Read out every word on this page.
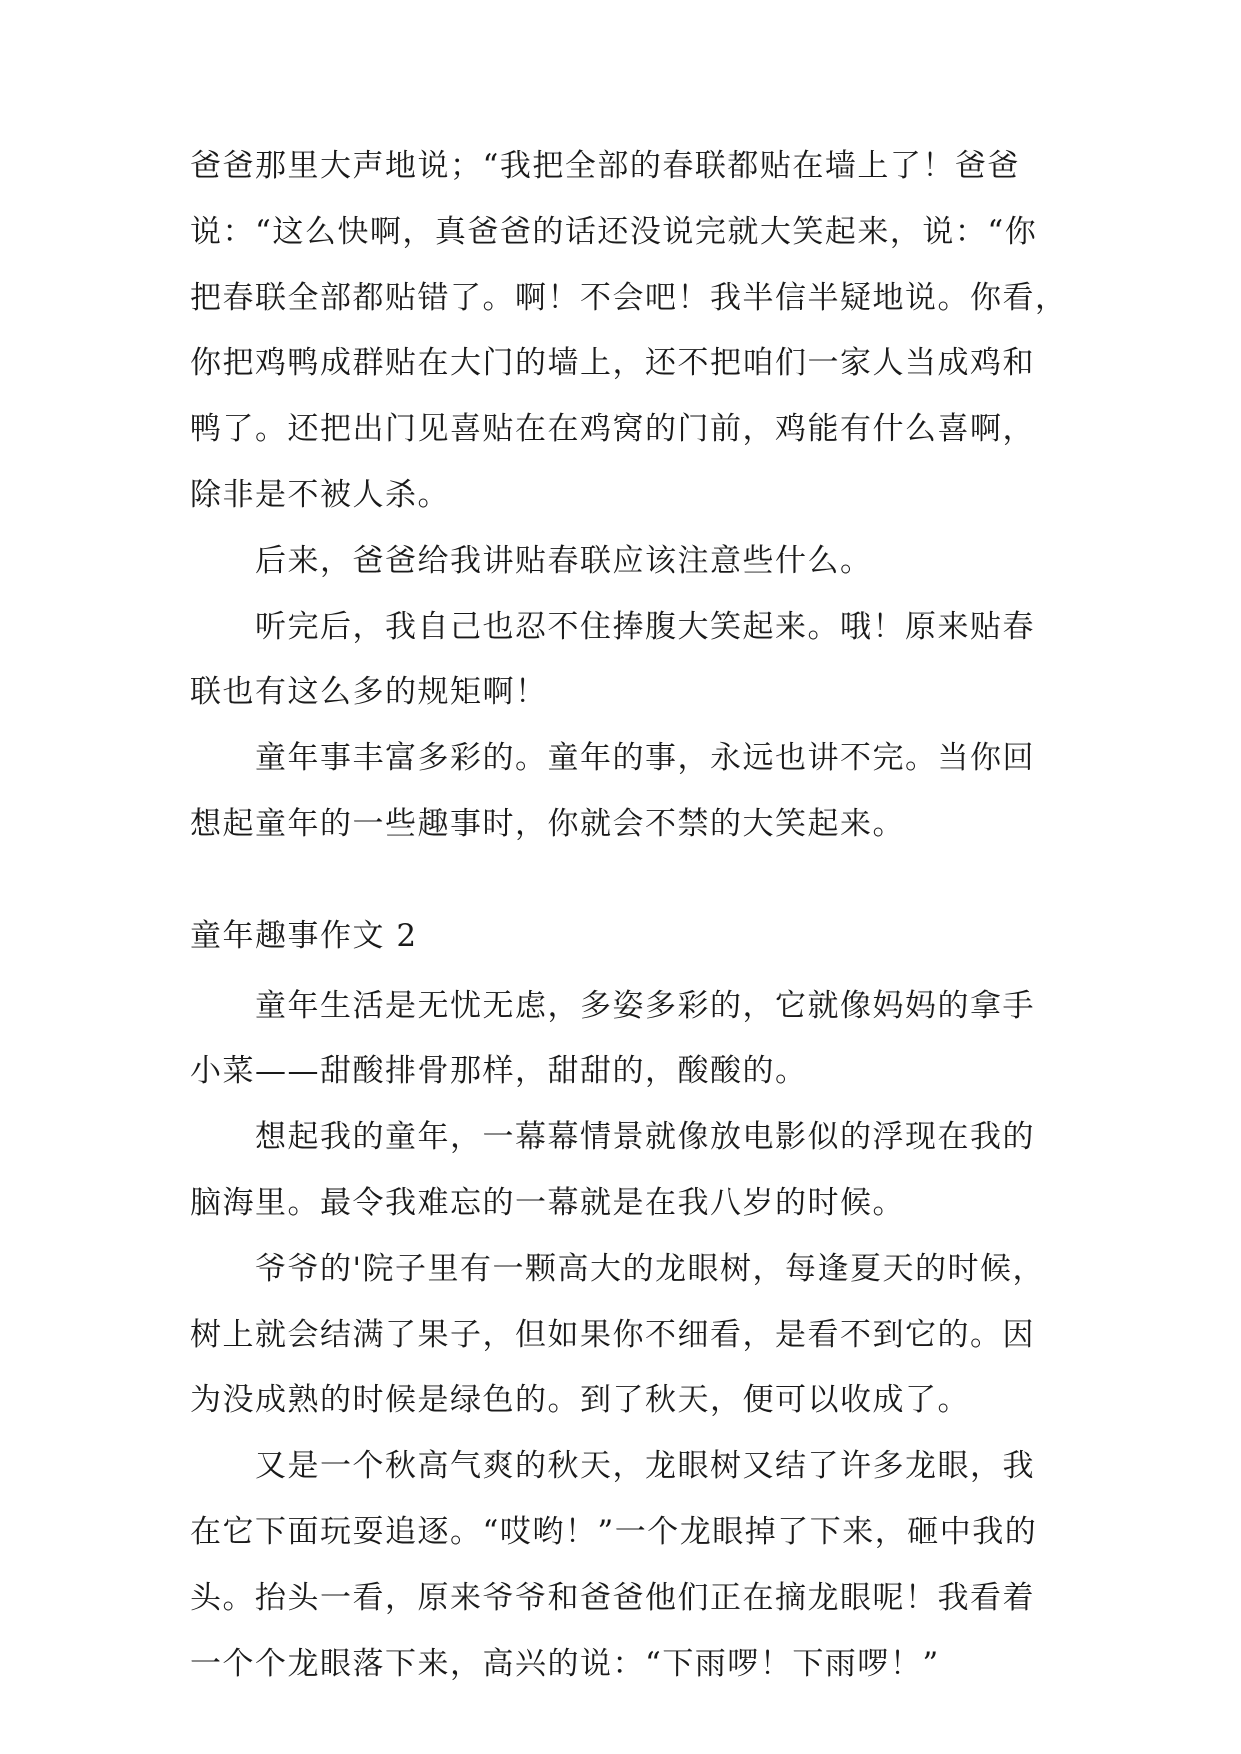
爸爸那里大声地说；“我把全部的春联都贴在墙上了！爸爸
说：“这么快啊，真爸爸的话还没说完就大笑起来，说：“你
把春联全部都贴错了。啊！不会吧！我半信半疑地说。你看，
你把鸡鸭成群贴在大门的墙上，还不把咱们一家人当成鸡和
鸭了。还把出门见喜贴在在鸡窝的门前，鸡能有什么喜啊，
除非是不被人杀。
后来，爸爸给我讲贴春联应该注意些什么。
听完后，我自己也忍不住捧腹大笑起来。哦！原来贴春
联也有这么多的规矩啊！
童年事丰富多彩的。童年的事，永远也讲不完。当你回
想起童年的一些趣事时，你就会不禁的大笑起来。
童年趣事作文 2
童年生活是无忧无虑，多姿多彩的，它就像妈妈的拿手
小菜——甜酸排骨那样，甜甜的，酸酸的。
想起我的童年，一幕幕情景就像放电影似的浮现在我的
脑海里。最令我难忘的一幕就是在我八岁的时候。
爷爷的'院子里有一颗高大的龙眼树，每逢夏天的时候，
树上就会结满了果子，但如果你不细看，是看不到它的。因
为没成熟的时候是绿色的。到了秋天，便可以收成了。
又是一个秋高气爽的秋天，龙眼树又结了许多龙眼，我
在它下面玩耍追逐。“哎哟！”一个龙眼掉了下来，砸中我的
头。抬头一看，原来爷爷和爸爸他们正在摘龙眼呢！我看着
一个个龙眼落下来，高兴的说：“下雨啰！下雨啰！”
